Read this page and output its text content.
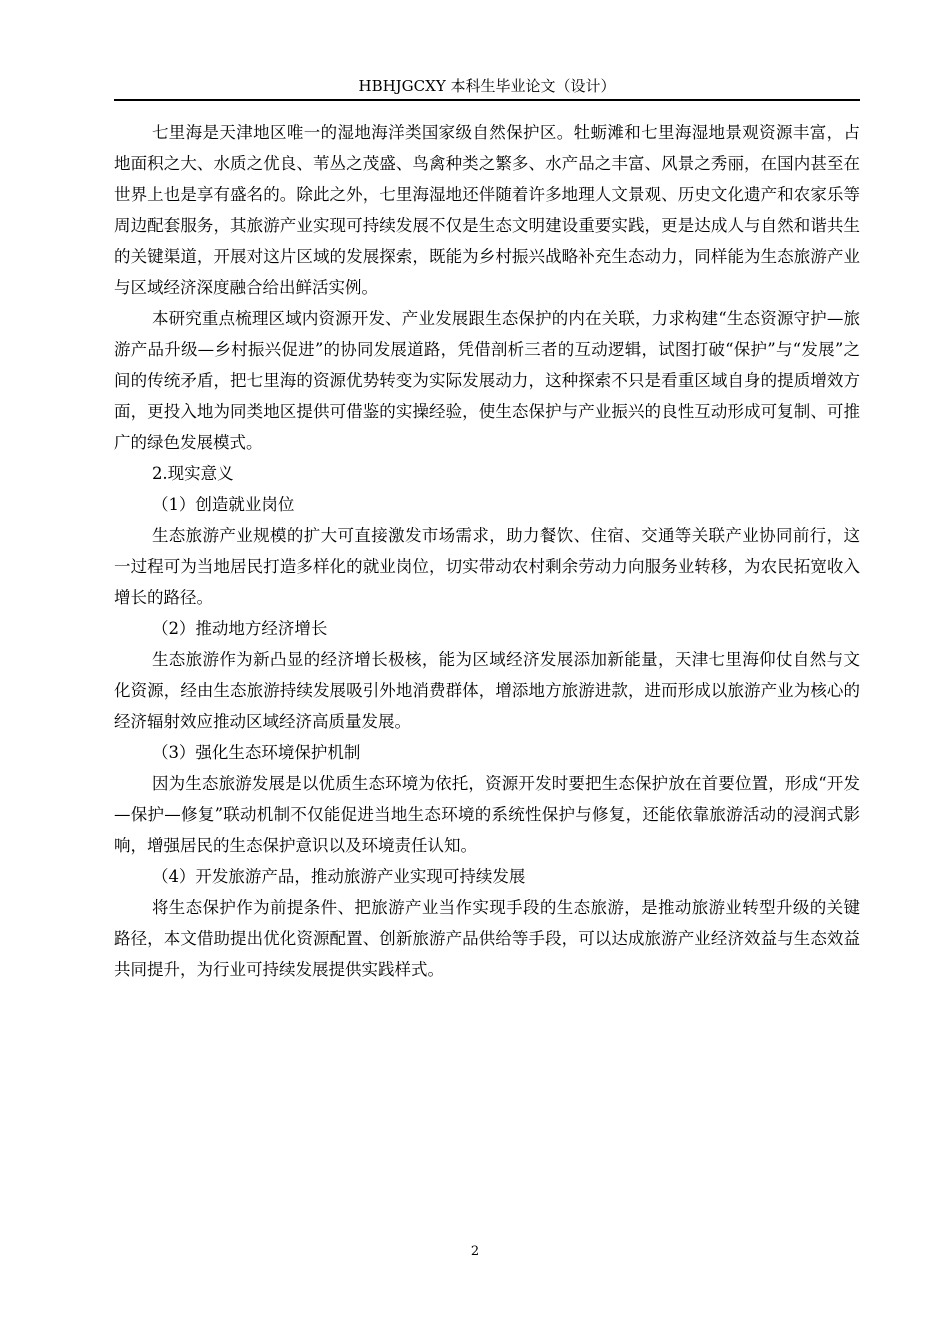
HBHJGCXY 本科生毕业论文（设计）

七里海是天津地区唯一的湿地海洋类国家级自然保护区。牡蛎滩和七里海湿地景观资源丰富，占地面积之大、水质之优良、苇丛之茂盛、鸟禽种类之繁多、水产品之丰富、风景之秀丽，在国内甚至在世界上也是享有盛名的。除此之外，七里海湿地还伴随着许多地理人文景观、历史文化遗产和农家乐等周边配套服务，其旅游产业实现可持续发展不仅是生态文明建设重要实践，更是达成人与自然和谐共生的关键渠道，开展对这片区域的发展探索，既能为乡村振兴战略补充生态动力，同样能为生态旅游产业与区域经济深度融合给出鲜活实例。

本研究重点梳理区域内资源开发、产业发展跟生态保护的内在关联，力求构建“生态资源守护—旅游产品升级—乡村振兴促进”的协同发展道路，凭借剖析三者的互动逻辑，试图打破“保护”与“发展”之间的传统矛盾，把七里海的资源优势转变为实际发展动力，这种探索不只是看重区域自身的提质增效方面，更投入地为同类地区提供可借鉴的实操经验，使生态保护与产业振兴的良性互动形成可复制、可推广的绿色发展模式。

2.现实意义

（1）创造就业岗位

生态旅游产业规模的扩大可直接激发市场需求，助力餐饮、住宿、交通等关联产业协同前行，这一过程可为当地居民打造多样化的就业岗位，切实带动农村剩余劳动力向服务业转移，为农民拓宽收入增长的路径。

（2）推动地方经济增长

生态旅游作为新凸显的经济增长极核，能为区域经济发展添加新能量，天津七里海仰仗自然与文化资源，经由生态旅游持续发展吸引外地消费群体，增添地方旅游进款，进而形成以旅游产业为核心的经济辐射效应推动区域经济高质量发展。

（3）强化生态环境保护机制

因为生态旅游发展是以优质生态环境为依托，资源开发时要把生态保护放在首要位置，形成“开发—保护—修复”联动机制不仅能促进当地生态环境的系统性保护与修复，还能依靠旅游活动的浸润式影响，增强居民的生态保护意识以及环境责任认知。

（4）开发旅游产品，推动旅游产业实现可持续发展

将生态保护作为前提条件、把旅游产业当作实现手段的生态旅游，是推动旅游业转型升级的关键路径，本文借助提出优化资源配置、创新旅游产品供给等手段，可以达成旅游产业经济效益与生态效益共同提升，为行业可持续发展提供实践样式。

2
